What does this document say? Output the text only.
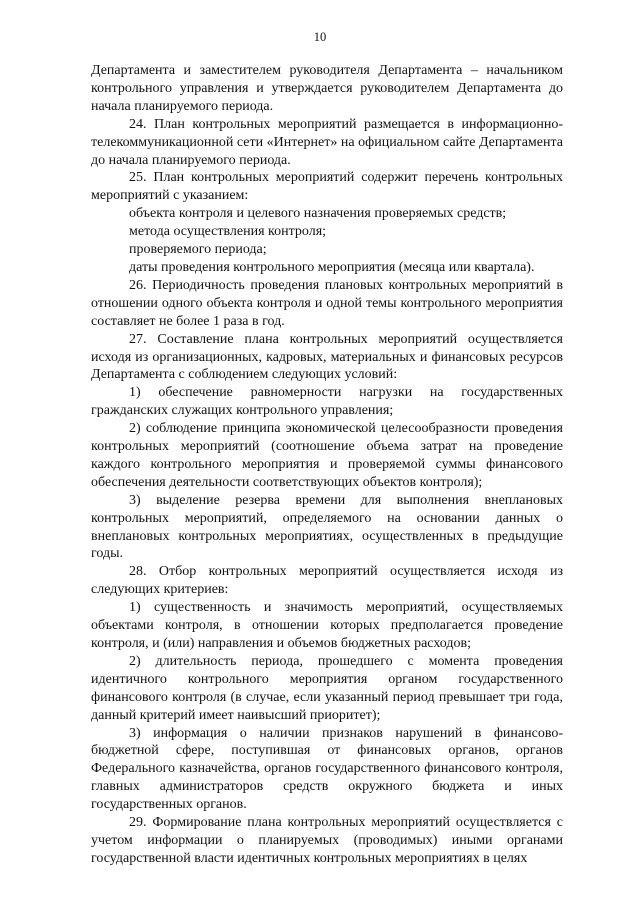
10

Департамента и заместителем руководителя Департамента – начальником контрольного управления и утверждается руководителем Департамента до начала планируемого периода.

24. План контрольных мероприятий размещается в информационно-телекоммуникационной сети «Интернет» на официальном сайте Департамента до начала планируемого периода.

25. План контрольных мероприятий содержит перечень контрольных мероприятий с указанием:

объекта контроля и целевого назначения проверяемых средств;

метода осуществления контроля;

проверяемого периода;

даты проведения контрольного мероприятия (месяца или квартала).

26. Периодичность проведения плановых контрольных мероприятий в отношении одного объекта контроля и одной темы контрольного мероприятия составляет не более 1 раза в год.

27. Составление плана контрольных мероприятий осуществляется исходя из организационных, кадровых, материальных и финансовых ресурсов Департамента с соблюдением следующих условий:

1) обеспечение равномерности нагрузки на государственных гражданских служащих контрольного управления;

2) соблюдение принципа экономической целесообразности проведения контрольных мероприятий (соотношение объема затрат на проведение каждого контрольного мероприятия и проверяемой суммы финансового обеспечения деятельности соответствующих объектов контроля);

3) выделение резерва времени для выполнения внеплановых контрольных мероприятий, определяемого на основании данных о внеплановых контрольных мероприятиях, осуществленных в предыдущие годы.

28. Отбор контрольных мероприятий осуществляется исходя из следующих критериев:

1) существенность и значимость мероприятий, осуществляемых объектами контроля, в отношении которых предполагается проведение контроля, и (или) направления и объемов бюджетных расходов;

2) длительность периода, прошедшего с момента проведения идентичного контрольного мероприятия органом государственного финансового контроля (в случае, если указанный период превышает три года, данный критерий имеет наивысший приоритет);

3) информация о наличии признаков нарушений в финансово-бюджетной сфере, поступившая от финансовых органов, органов Федерального казначейства, органов государственного финансового контроля, главных администраторов средств окружного бюджета и иных государственных органов.

29. Формирование плана контрольных мероприятий осуществляется с учетом информации о планируемых (проводимых) иными органами государственной власти идентичных контрольных мероприятиях в целях
